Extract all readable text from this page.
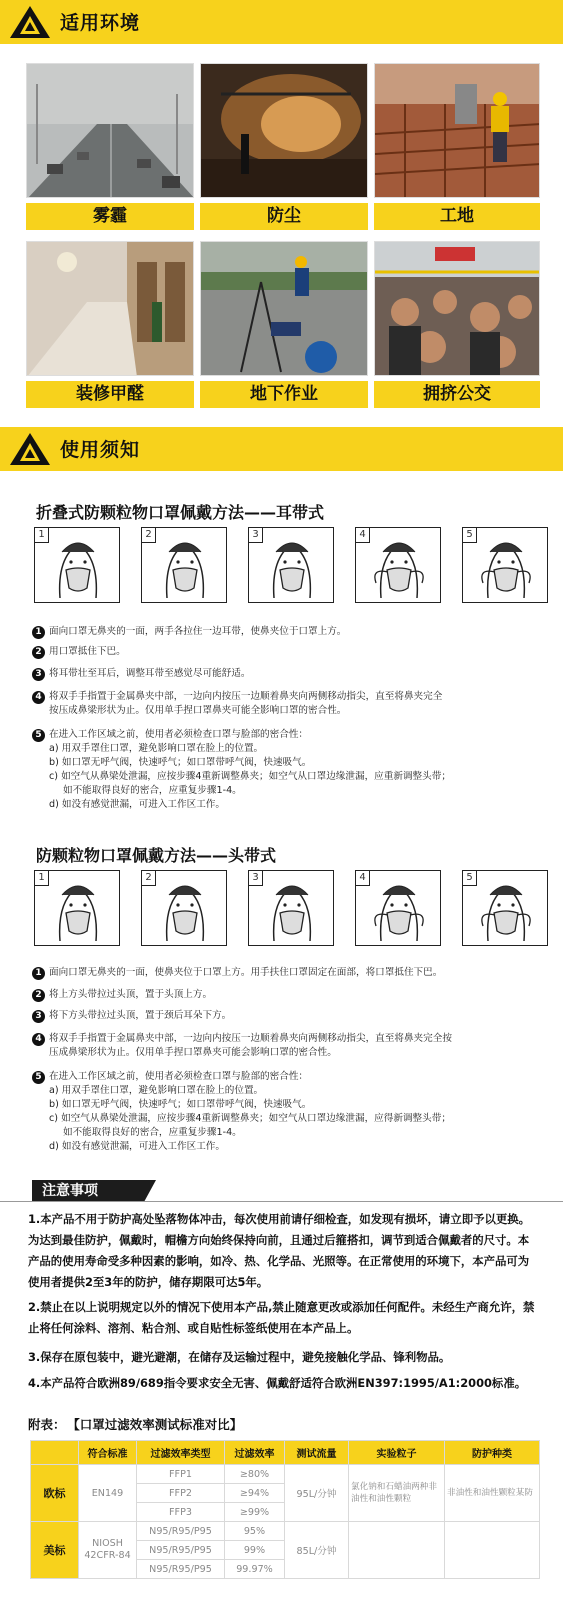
适用环境
雾霾	防尘	工地
装修甲醛	地下作业	拥挤公交
使用须知
折叠式防颗粒物口罩佩戴方法——耳带式
1	2	3	4	5
1 面向口罩无鼻夹的一面，两手各拉住一边耳带，使鼻夹位于口罩上方。
2 用口罩抵住下巴。
3 将耳带壮至耳后，调整耳带至感觉尽可能舒适。
4 将双手手指置于金属鼻夹中部，一边向内按压一边顺着鼻夹向两侧移动指尖，直至将鼻夹完全
按压成鼻梁形状为止。仅用单手捏口罩鼻夹可能全影响口罩的密合性。
5 在进入工作区域之前，使用者必须检查口罩与脸部的密合性：
a) 用双手罩住口罩，避免影响口罩在脸上的位置。
b) 如口罩无呼气阀，快速呼气；如口罩带呼气阀，快速吸气。
c) 如空气从鼻梁处泄漏，应按步骤4重新调整鼻夹；如空气从口罩边缘泄漏，应重新调整头带；
如不能取得良好的密合，应重复步骤1-4。
d) 如没有感觉泄漏，可进入工作区工作。
防颗粒物口罩佩戴方法——头带式
1	2	3	4	5
1 面向口罩无鼻夹的一面，使鼻夹位于口罩上方。用手扶住口罩固定在面部，将口罩抵住下巴。
2 将上方头带拉过头顶，置于头顶上方。
3 将下方头带拉过头顶，置于颈后耳朵下方。
4 将双手手指置于金属鼻夹中部，一边向内按压一边顺着鼻夹向两侧移动指尖，直至将鼻夹完全按
压成鼻梁形状为止。仅用单手捏口罩鼻夹可能会影响口罩的密合性。
5 在进入工作区域之前，使用者必须检查口罩与脸部的密合性：
a) 用双手罩住口罩，避免影响口罩在脸上的位置。
b) 如口罩无呼气阀，快速呼气；如口罩带呼气阀，快速吸气。
c) 如空气从鼻梁处泄漏，应按步骤4重新调整鼻夹；如空气从口罩边缘泄漏，应得新调整头带；
如不能取得良好的密合，应重复步骤1-4。
d) 如没有感觉泄漏，可进入工作区工作。
注意事项
1.本产品不用于防护高处坠落物体冲击，每次使用前请仔细检查，如发现有损坏，请立即予以更换。为达到最佳防护，佩戴时，帽檐方向始终保持向前，且通过后箍搭扣，调节到适合佩戴者的尺寸。本产品的使用寿命受多种因素的影响，如冷、热、化学品、光照等。在正常使用的环境下，本产品可为使用者提供2至3年的防护，储存期限可达5年。
2.禁止在以上说明规定以外的情况下使用本产品,禁止随意更改或添加任何配件。未经生产商允许，禁止将任何涂料、溶剂、粘合剂、或自贴性标签纸使用在本产品上。
3.保存在原包装中，避光避潮，在储存及运输过程中，避免接触化学品、锋利物品。
4.本产品符合欧洲89/689指令要求安全无害、佩戴舒适符合欧洲EN397:1995/A1:2000标准。
附表： 【口罩过滤效率测试标准对比】
	符合标准	过滤效率类型	过滤效率	测试流量	实验粒子	防护种类
欧标	EN149	FFP1	≥80%	95L/分钟	氯化钠和石蜡油两种非油性和油性颗粒	非油性和油性颗粒某防
		FFP2	≥94%			
		FFP3	≥99%			
美标	NIOSH 42CFR-84	N95/R95/P95	95%	85L/分钟		
		N95/R95/P95	99%			
		N95/R95/P95	99.97%			
